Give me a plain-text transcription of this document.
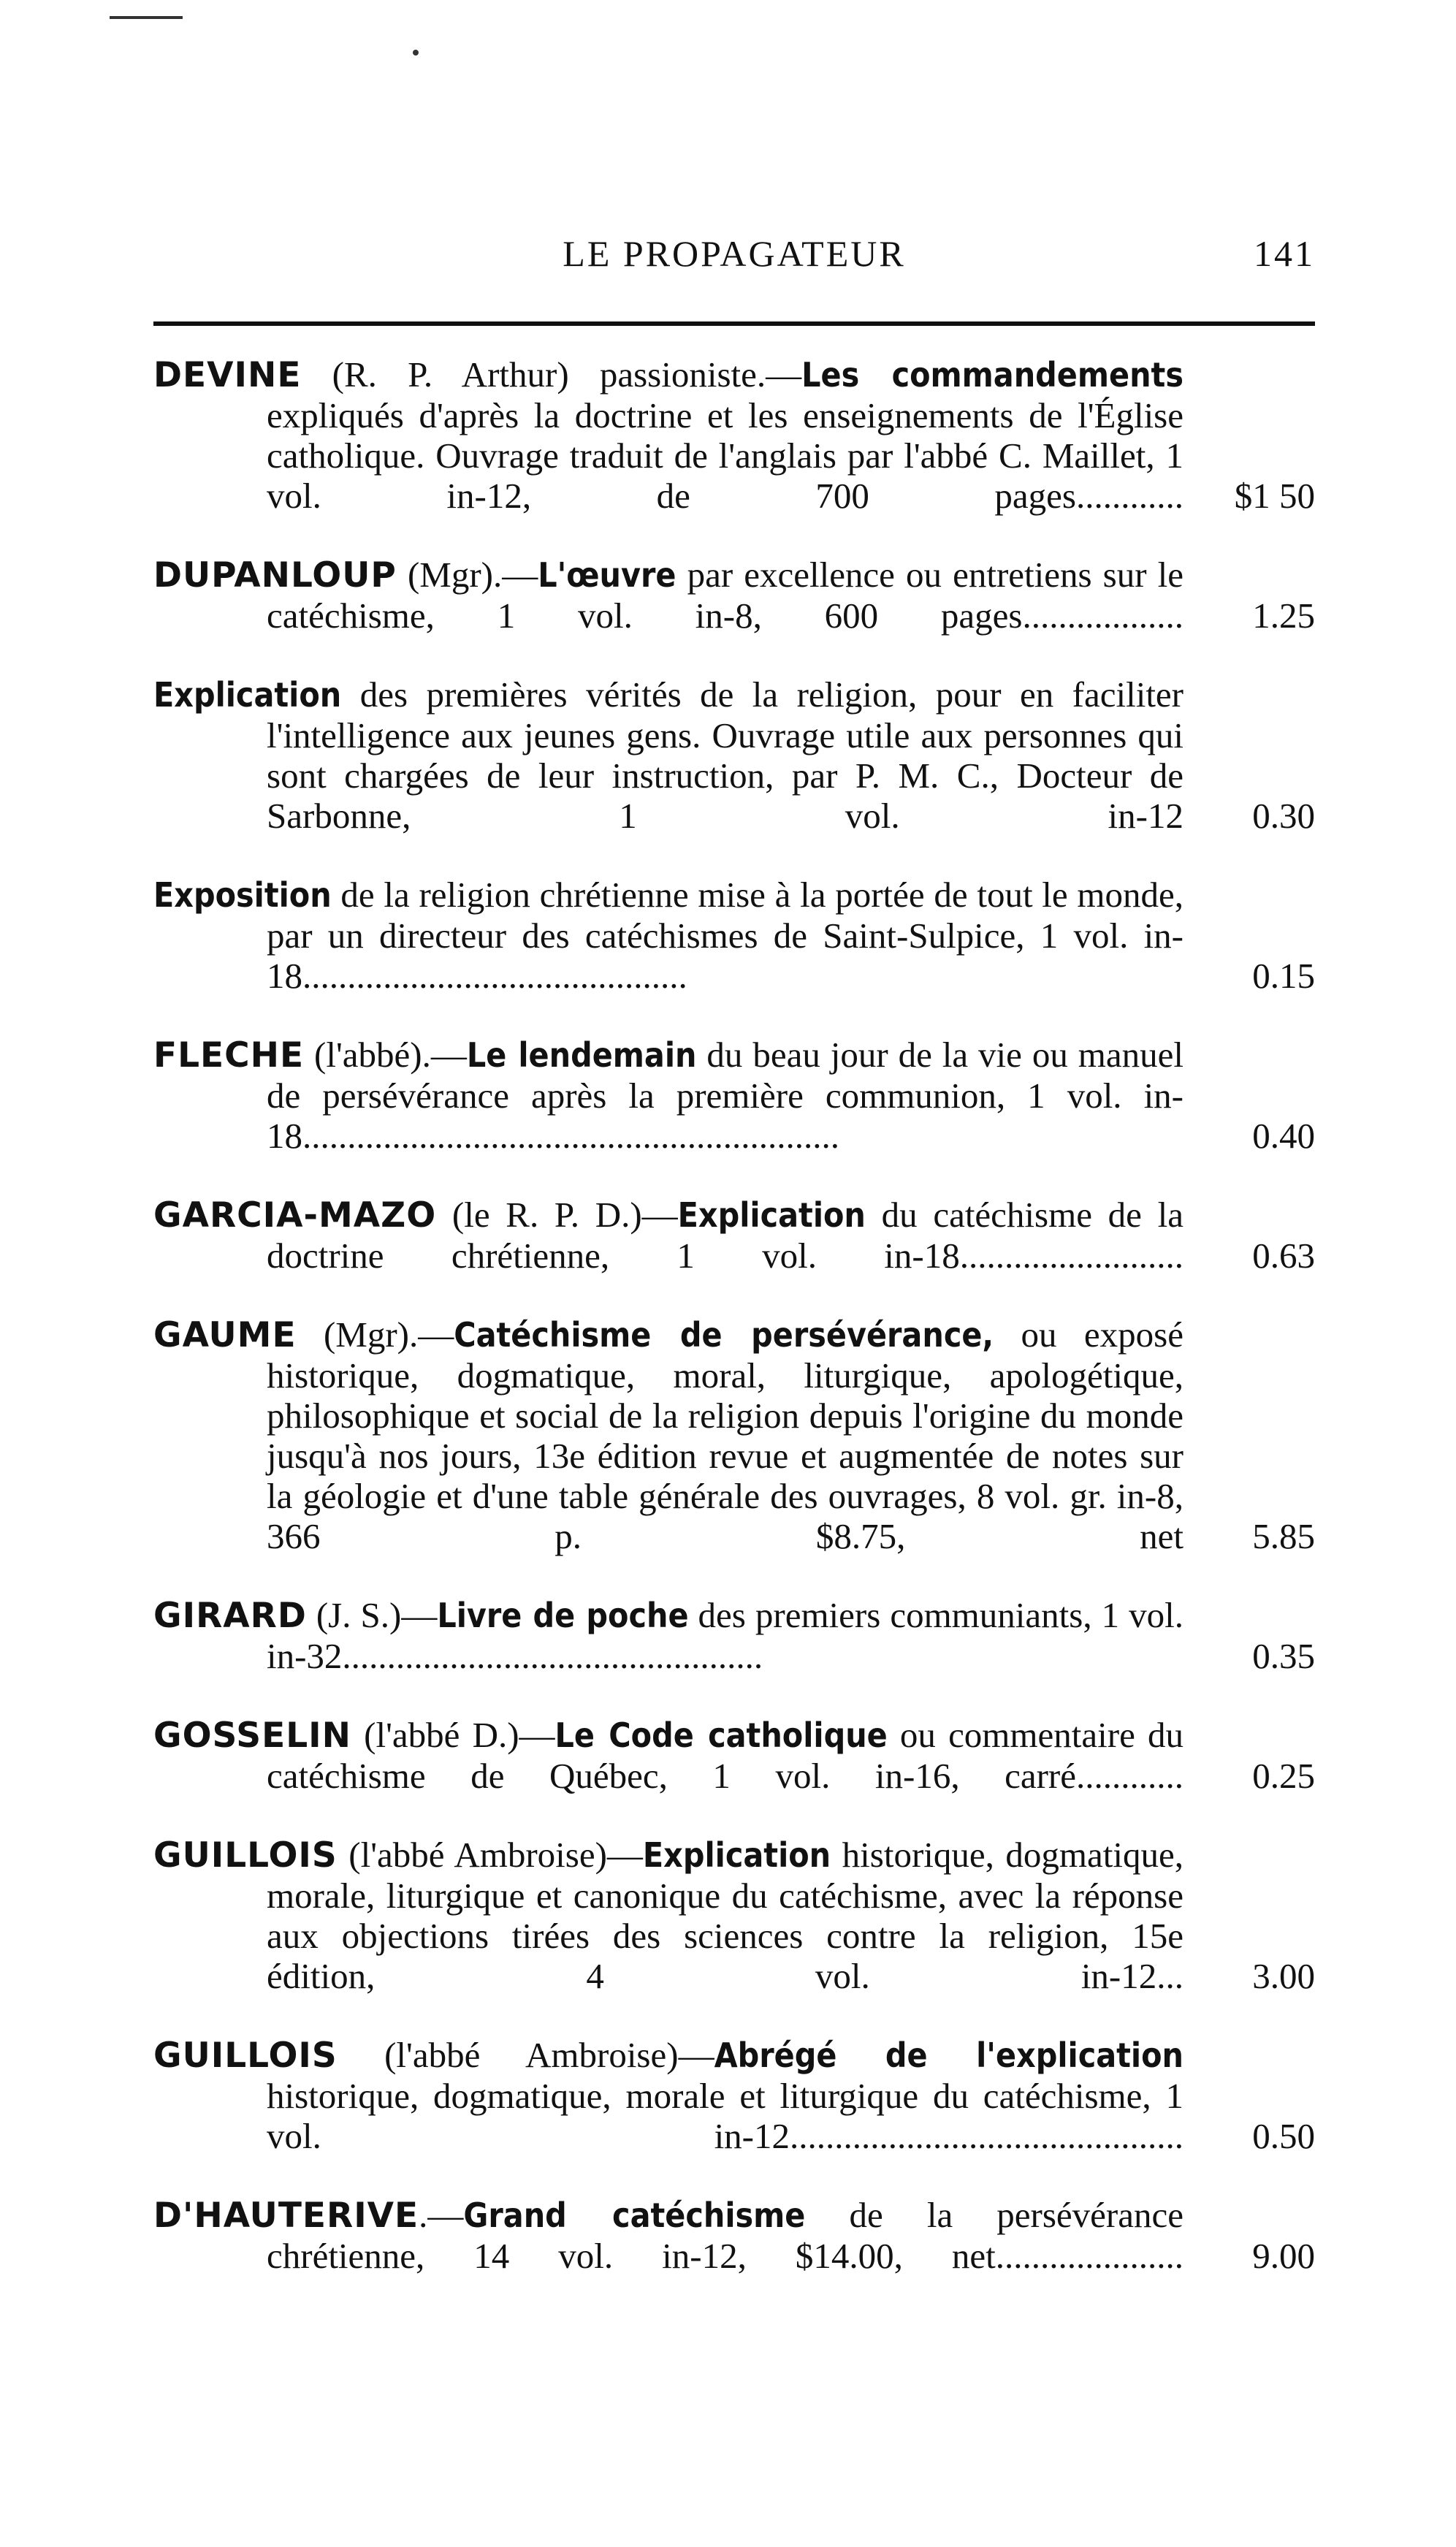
LE PROPAGATEUR	141
DEVINE (R. P. Arthur) passioniste.—Les commandements expliqués d'après la doctrine et les enseignements de l'Église catholique. Ouvrage traduit de l'anglais par l'abbé C. Maillet, 1 vol. in-12, de 700 pages............	$1 50
DUPANLOUP (Mgr).—L'œuvre par excellence ou entretiens sur le catéchisme, 1 vol. in-8, 600 pages..................	1.25
Explication des premières vérités de la religion, pour en faciliter l'intelligence aux jeunes gens. Ouvrage utile aux personnes qui sont chargées de leur instruction, par P. M. C., Docteur de Sarbonne, 1 vol. in-12	0.30
Exposition de la religion chrétienne mise à la portée de tout le monde, par un directeur des catéchismes de Saint-Sulpice, 1 vol. in-18...........................................	0.15
FLECHE (l'abbé).—Le lendemain du beau jour de la vie ou manuel de persévérance après la première communion, 1 vol. in-18............................................................	0.40
GARCIA-MAZO (le R. P. D.)—Explication du catéchisme de la doctrine chrétienne, 1 vol. in-18.........................	0.63
GAUME (Mgr).—Catéchisme de persévérance, ou exposé historique, dogmatique, moral, liturgique, apologétique, philosophique et social de la religion depuis l'origine du monde jusqu'à nos jours, 13e édition revue et augmentée de notes sur la géologie et d'une table générale des ouvrages, 8 vol. gr. in-8, 366 p. $8.75, net	5.85
GIRARD (J. S.)—Livre de poche des premiers communiants, 1 vol. in-32...............................................	0.35
GOSSELIN (l'abbé D.)—Le Code catholique ou commentaire du catéchisme de Québec, 1 vol. in-16, carré............	0.25
GUILLOIS (l'abbé Ambroise)—Explication historique, dogmatique, morale, liturgique et canonique du catéchisme, avec la réponse aux objections tirées des sciences contre la religion, 15e édition, 4 vol. in-12...	3.00
GUILLOIS (l'abbé Ambroise)—Abrégé de l'explication historique, dogmatique, morale et liturgique du catéchisme, 1 vol. in-12............................................	0.50
D'HAUTERIVE.—Grand catéchisme de la persévérance chrétienne, 14 vol. in-12, $14.00, net.....................	9.00
